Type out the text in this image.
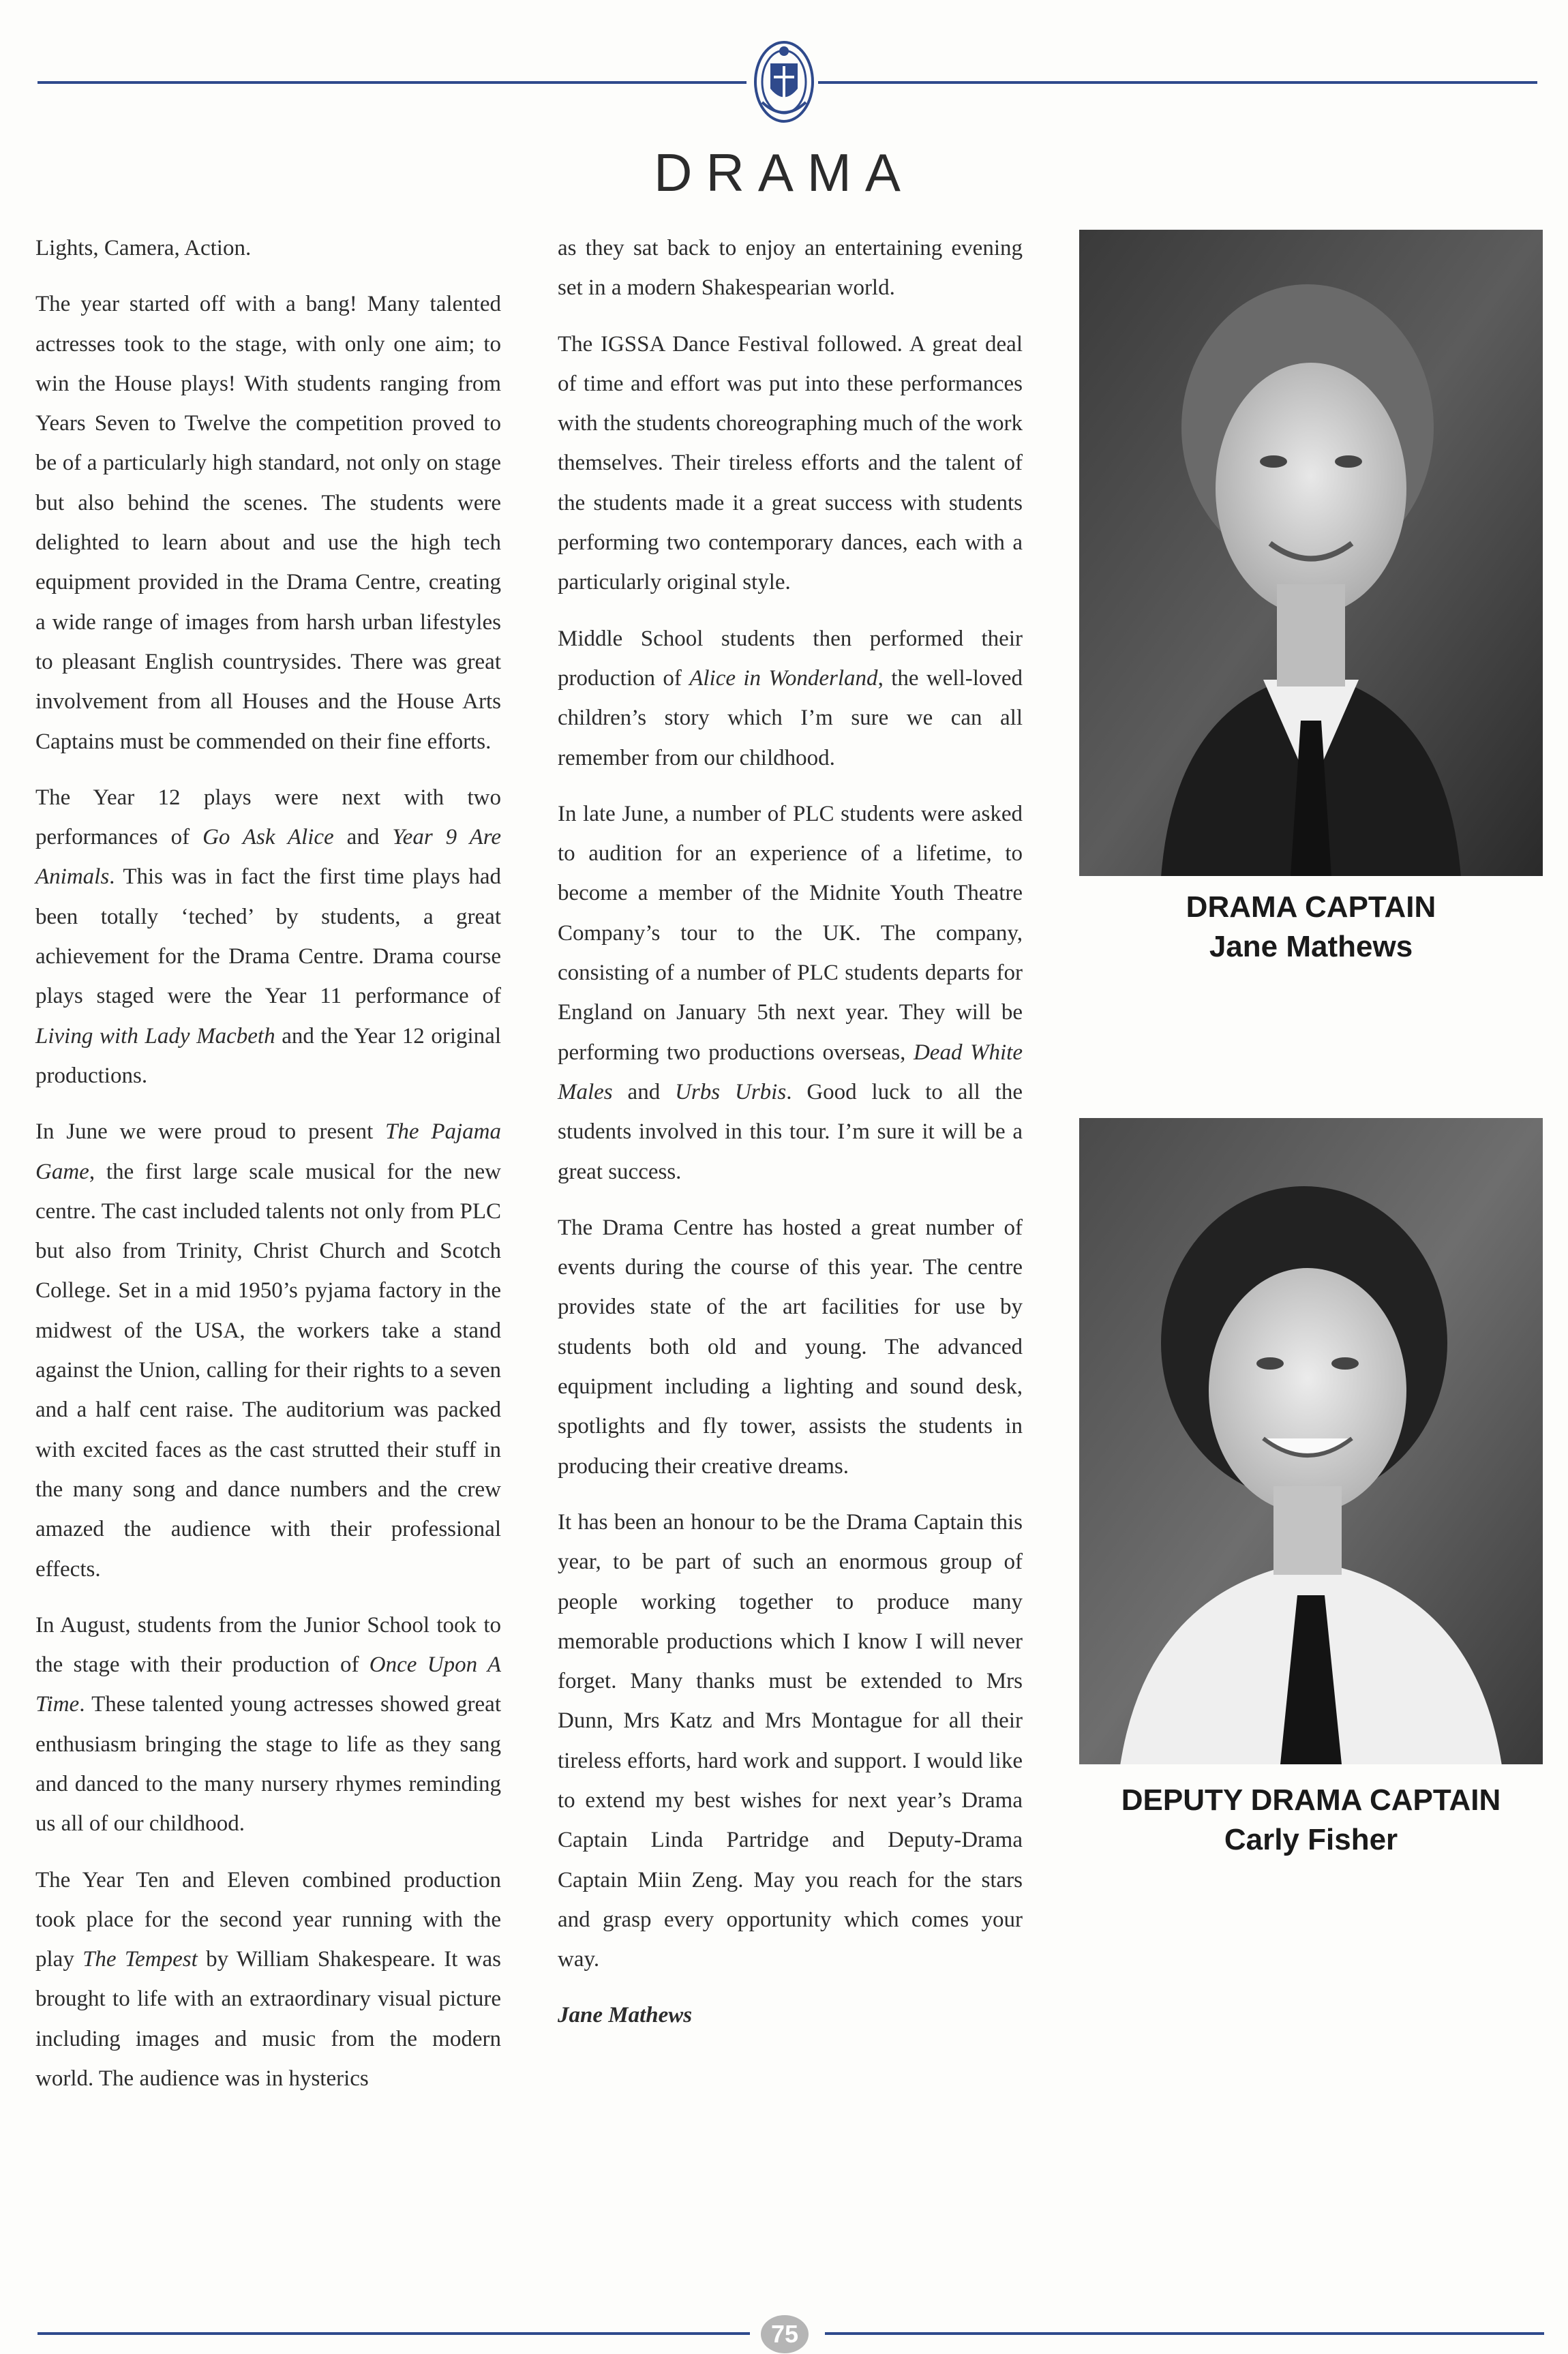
DRAMA

Lights, Camera, Action.

The year started off with a bang! Many talented actresses took to the stage, with only one aim; to win the House plays! With students ranging from Years Seven to Twelve the competition proved to be of a particularly high standard, not only on stage but also behind the scenes. The students were delighted to learn about and use the high tech equipment provided in the Drama Centre, creating a wide range of images from harsh urban lifestyles to pleasant English countrysides. There was great involvement from all Houses and the House Arts Captains must be commended on their fine efforts.

The Year 12 plays were next with two performances of Go Ask Alice and Year 9 Are Animals. This was in fact the first time plays had been totally ‘teched’ by students, a great achievement for the Drama Centre. Drama course plays staged were the Year 11 performance of Living with Lady Macbeth and the Year 12 original productions.

In June we were proud to present The Pajama Game, the first large scale musical for the new centre. The cast included talents not only from PLC but also from Trinity, Christ Church and Scotch College. Set in a mid 1950’s pyjama factory in the midwest of the USA, the workers take a stand against the Union, calling for their rights to a seven and a half cent raise. The auditorium was packed with excited faces as the cast strutted their stuff in the many song and dance numbers and the crew amazed the audience with their professional effects.

In August, students from the Junior School took to the stage with their production of Once Upon A Time. These talented young actresses showed great enthusiasm bringing the stage to life as they sang and danced to the many nursery rhymes reminding us all of our childhood.

The Year Ten and Eleven combined production took place for the second year running with the play The Tempest by William Shakespeare. It was brought to life with an extraordinary visual picture including images and music from the modern world. The audience was in hysterics

as they sat back to enjoy an entertaining evening set in a modern Shakespearian world.

The IGSSA Dance Festival followed. A great deal of time and effort was put into these performances with the students choreographing much of the work themselves. Their tireless efforts and the talent of the students made it a great success with students performing two contemporary dances, each with a particularly original style.

Middle School students then performed their production of Alice in Wonderland, the well-loved children’s story which I’m sure we can all remember from our childhood.

In late June, a number of PLC students were asked to audition for an experience of a lifetime, to become a member of the Midnite Youth Theatre Company’s tour to the UK. The company, consisting of a number of PLC students departs for England on January 5th next year. They will be performing two productions overseas, Dead White Males and Urbs Urbis. Good luck to all the students involved in this tour. I’m sure it will be a great success.

The Drama Centre has hosted a great number of events during the course of this year. The centre provides state of the art facilities for use by students both old and young. The advanced equipment including a lighting and sound desk, spotlights and fly tower, assists the students in producing their creative dreams.

It has been an honour to be the Drama Captain this year, to be part of such an enormous group of people working together to produce many memorable productions which I know I will never forget. Many thanks must be extended to Mrs Dunn, Mrs Katz and Mrs Montague for all their tireless efforts, hard work and support. I would like to extend my best wishes for next year’s Drama Captain Linda Partridge and Deputy-Drama Captain Miin Zeng. May you reach for the stars and grasp every opportunity which comes your way.

Jane Mathews

DRAMA CAPTAIN
Jane Mathews
DEPUTY DRAMA CAPTAIN
Carly Fisher
75
